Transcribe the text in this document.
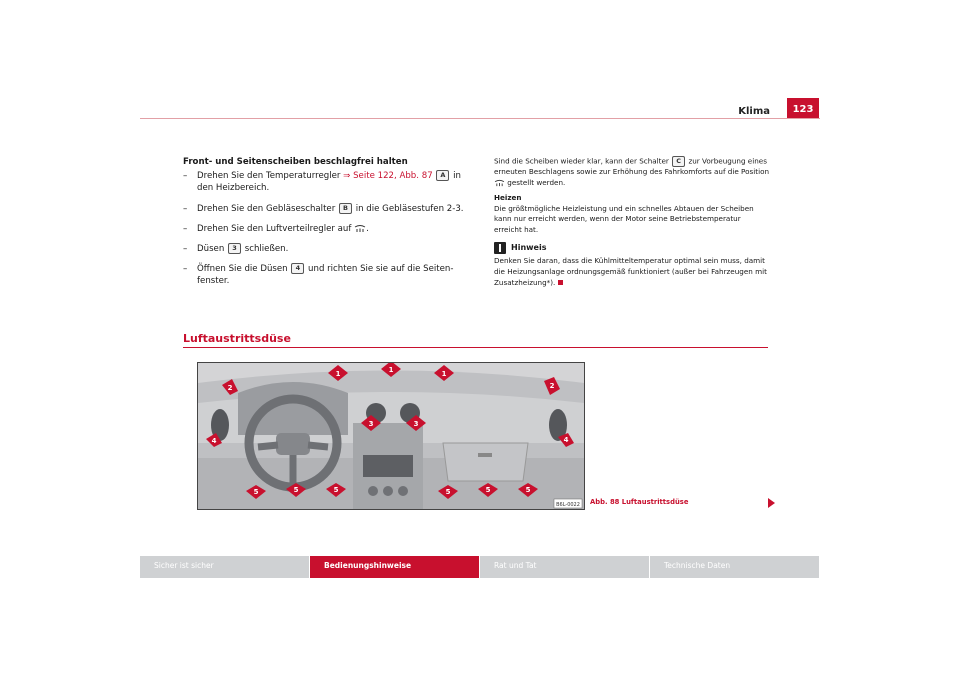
Klima	123
Front- und Seitenscheiben beschlagfrei halten
– Drehen Sie den Temperaturregler ⇒ Seite 122, Abb. 87 A in den Heizbereich.
– Drehen Sie den Gebläseschalter B in die Gebläsestufen 2-3.
– Drehen Sie den Luftverteilregler auf .
– Düsen 3 schließen.
– Öffnen Sie die Düsen 4 und richten Sie sie auf die Seiten-fenster.

Sind die Scheiben wieder klar, kann der Schalter C zur Vorbeugung eines erneuten Beschlagens sowie zur Erhöhung des Fahrkomforts auf die Position  gestellt werden.

Heizen

Die größtmögliche Heizleistung und ein schnelles Abtauen der Scheiben kann nur erreicht werden, wenn der Motor seine Betriebstemperatur erreicht hat.

Hinweis

Denken Sie daran, dass die Kühlmitteltemperatur optimal sein muss, damit die Heizungsanlage ordnungsgemäß funktioniert (außer bei Fahrzeugen mit Zusatzheizung*).

Luftaustrittsdüse
1	1	1
2	2
3	3
4	4
5	5	5	5	5	5
B6L-0022 Abb. 88 Luftaustrittsdüse
Sicher ist sicher	Bedienungshinweise	Rat und Tat	Technische Daten
